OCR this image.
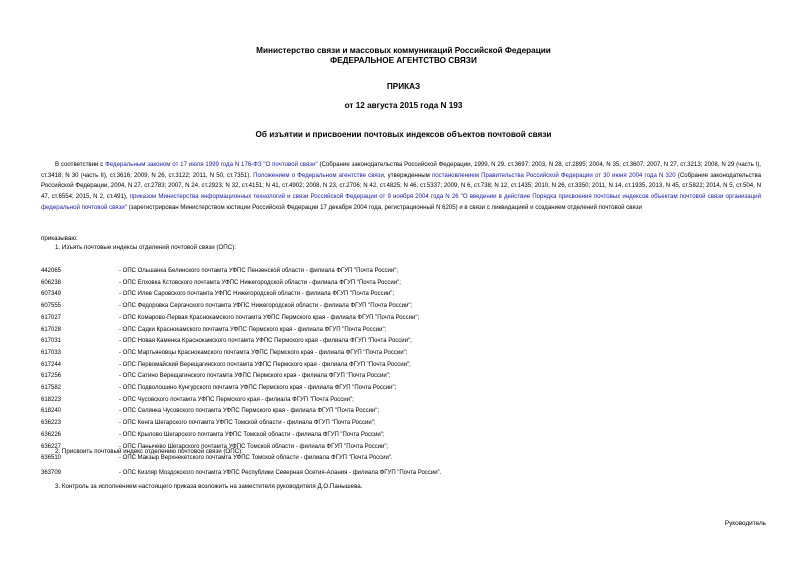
Министерство связи и массовых коммуникаций Российской Федерации
ФЕДЕРАЛЬНОЕ АГЕНТСТВО СВЯЗИ
ПРИКАЗ
от 12 августа 2015 года N 193
Об изъятии и присвоении почтовых индексов объектов почтовой связи
В соответствии с Федеральным законом от 17 июля 1999 года N 176-ФЗ "О почтовой связи" (Собрание законодательства Российской Федерации, 1999, N 29, ст.3697; 2003, N 28, ст.2895; 2004, N 35, ст.3607; 2007, N 27, ст.3213; 2008, N 29 (часть I), ст.3418; N 30 (часть II), ст.3616; 2009, N 26, ст.3122; 2011, N 50, ст.7351). Положением о Федеральном агентстве связи, утвержденным постановлением Правительства Российской Федерации от 30 июня 2004 года N 320 (Собрание законодательства Российской Федерации, 2004, N 27, ст.2783; 2007, N 24, ст.2923; N 32, ст.4151; N 41, ст.4902; 2008, N 23, ст.2706; N 42, ст.4825; N 46, ст.5337; 2009, N 6, ст.738; N 12, ст.1435; 2010, N 26, ст.3350; 2011, N 14, ст.1935, 2013, N 45, ст.5822; 2014, N 5, ст.504, N 47, ст.6554; 2015, N 2, ст.491), приказом Министерства информационных технологий и связи Российской Федерации от 9 ноября 2004 года N 26 "О введении в действие Порядка присвоения почтовых индексов объектам почтовой связи организаций федеральной почтовой связи" (зарегистрирован Министерством юстиции Российской Федерации 17 декабря 2004 года, регистрационный N 6205) и в связи с ликвидацией и созданием отделений почтовой связи
приказываю:
1. Изъять почтовые индексы отделений почтовой связи (ОПС):
442065	- ОПС Ольшанка Белинского почтамта УФПС Пензенской области - филиала ФГУП "Почта России";
606238	- ОПС Елховка Кстовского почтамта УФПС Нижегородской области - филиала ФГУП "Почта России";
607349	- ОПС Илев Саровского почтамта УФПС Нижегородской области - филиала ФГУП "Почта России";
607555	- ОПС Федоровка Сергачского почтамта УФПС Нижегородской области - филиала ФГУП "Почта России";
617027	- ОПС Комарово-Первая Краснокамского почтамта УФПС Пермского края - филиала ФГУП "Почта России";
617028	- ОПС Садки Краснокамского почтамта УФПС Пермского края - филиала ФГУП "Почта России";
617031	- ОПС Новая Каменка Краснокамского почтамта УФПС Пермского края - филиала ФГУП "Почта России";
617033	- ОПС Мартьяновцы Краснокамского почтамта УФПС Пермского края - филиала ФГУП "Почта России";
617244	- ОПС Первомайский Верещагинского почтамта УФПС Пермского края - филиала ФГУП "Почта России";
617256	- ОПС Сатино Верещагинского почтамта УФПС Пермского края - филиала ФГУП "Почта России";
617582	- ОПС Подволошино Кунгурского почтамта УФПС Пермского края - филиала ФГУП "Почта России";
618223	- ОПС Чусовского почтамта УФПС Пермского края - филиала ФГУП "Почта России";
618240	- ОПС Селянка Чусовского почтамта УФПС Пермского края - филиала ФГУП "Почта России";
636223	- ОПС Кенга Шегарского почтамта УФПС Томской области - филиала ФГУП "Почта России";
636226	- ОПС Крылово Шегарского почтамта УФПС Томской области - филиала ФГУП "Почта России";
636227	- ОПС Панычево Шегарского почтамта УФПС Томской области - филиала ФГУП "Почта России";
636510	- ОПС Макзыр Верхнекетского почтамта УФПС Томской области - филиала ФГУП "Почта России".
2. Присвоить почтовый индекс отделению почтовой связи (ОПС):
363709	- ОПС Кизляр Моздокского почтамта УФПС Республики Северная Осетия-Алания - филиала ФГУП "Почта России".
3. Контроль за исполнением настоящего приказа возложить на заместителя руководителя Д.О.Панышева.
Руководитель
